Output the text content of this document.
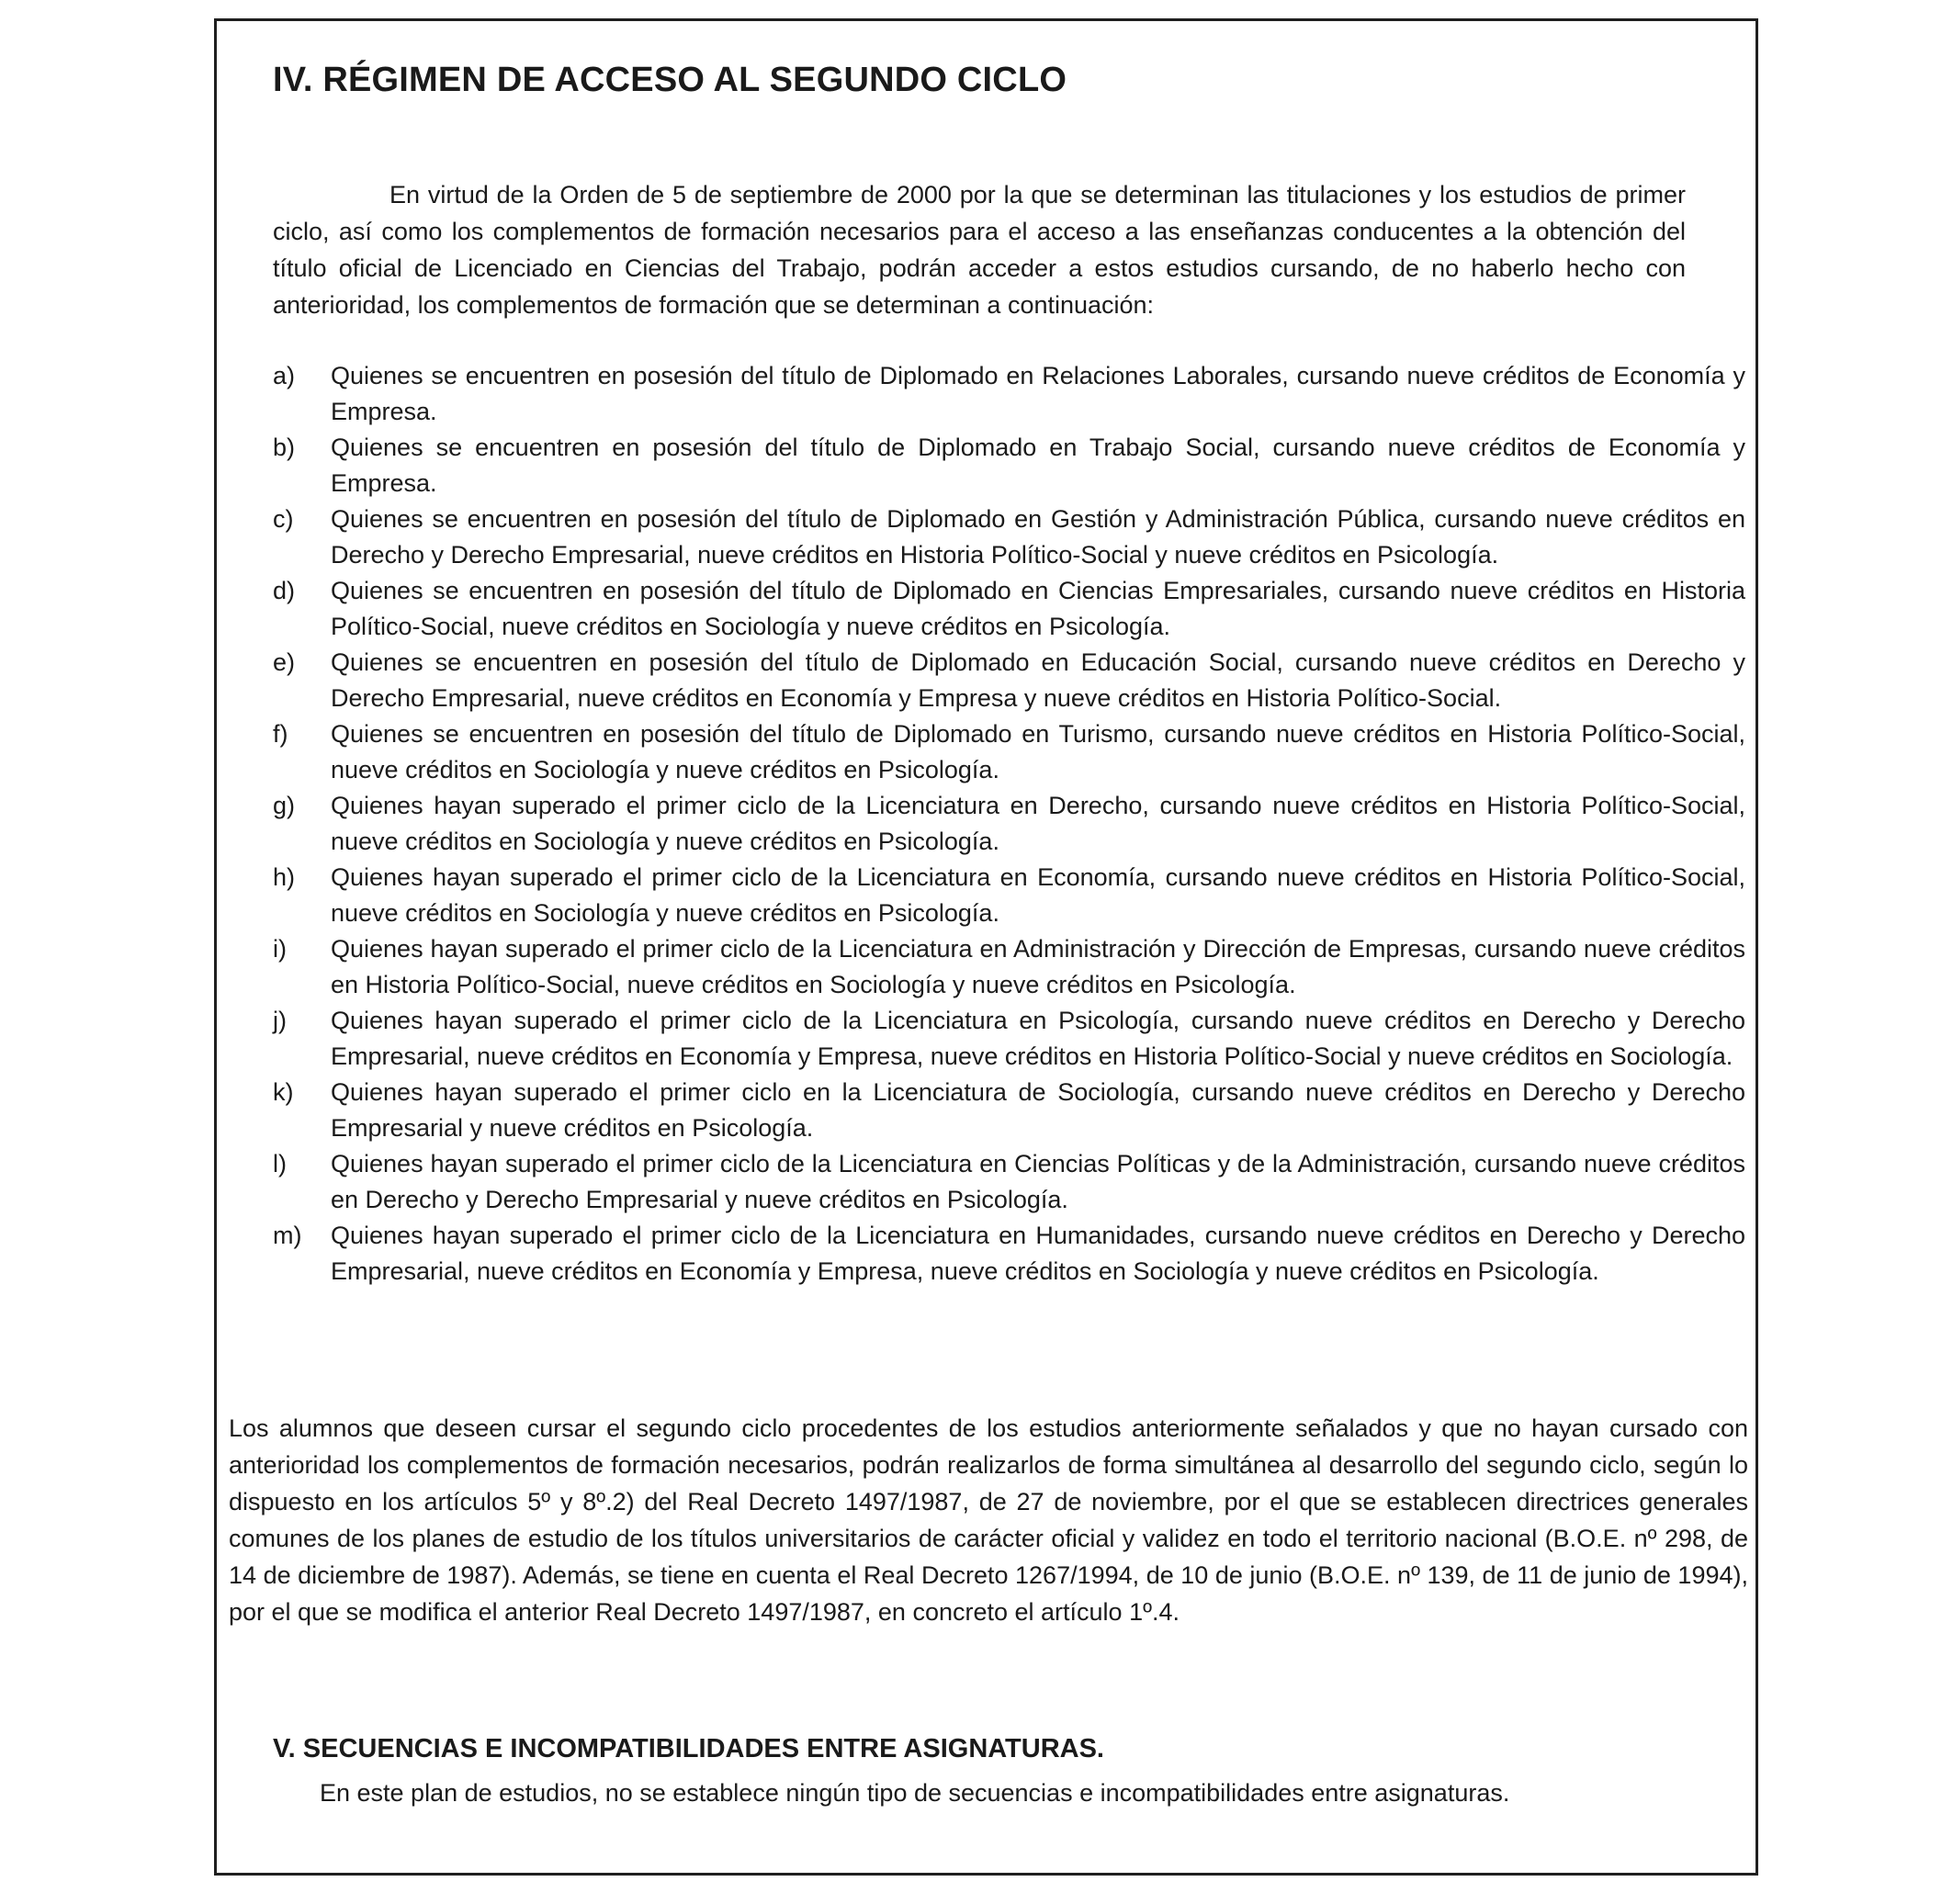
IV. RÉGIMEN DE ACCESO AL SEGUNDO CICLO

En virtud de la Orden de 5 de septiembre de 2000 por la que se determinan las titulaciones y los estudios de primer ciclo, así como los complementos de formación necesarios para el acceso a las enseñanzas conducentes a la obtención del título oficial de Licenciado en Ciencias del Trabajo, podrán acceder a estos estudios cursando, de no haberlo hecho con anterioridad, los complementos de formación que se determinan a continuación:

a)	Quienes se encuentren en posesión del título de Diplomado en Relaciones Laborales, cursando nueve créditos de Economía y Empresa.
b)	Quienes se encuentren en posesión del título de Diplomado en Trabajo Social, cursando nueve créditos de Economía y Empresa.
c)	Quienes se encuentren en posesión del título de Diplomado en Gestión y Administración Pública, cursando nueve créditos en Derecho y Derecho Empresarial, nueve créditos en Historia Político-Social y nueve créditos en Psicología.
d)	Quienes se encuentren en posesión del título de Diplomado en Ciencias Empresariales, cursando nueve créditos en Historia Político-Social, nueve créditos en Sociología y nueve créditos en Psicología.
e)	Quienes se encuentren en posesión del título de Diplomado en Educación Social, cursando nueve créditos en Derecho y Derecho Empresarial, nueve créditos en Economía y Empresa y nueve créditos en Historia Político-Social.
f)	Quienes se encuentren en posesión del título de Diplomado en Turismo, cursando nueve créditos en Historia Político-Social, nueve créditos en Sociología y nueve créditos en Psicología.
g)	Quienes hayan superado el primer ciclo de la Licenciatura en Derecho, cursando nueve créditos en Historia Político-Social, nueve créditos en Sociología y nueve créditos en Psicología.
h)	Quienes hayan superado el primer ciclo de la Licenciatura en Economía, cursando nueve créditos en Historia Político-Social, nueve créditos en Sociología y nueve créditos en Psicología.
i)	Quienes hayan superado el primer ciclo de la Licenciatura en Administración y Dirección de Empresas, cursando nueve créditos en Historia Político-Social, nueve créditos en Sociología y nueve créditos en Psicología.
j)	Quienes hayan superado el primer ciclo de la Licenciatura en Psicología, cursando nueve créditos en Derecho y Derecho Empresarial, nueve créditos en Economía y Empresa, nueve créditos en Historia Político-Social y nueve créditos en Sociología.
k)	Quienes hayan superado el primer ciclo en la Licenciatura de Sociología, cursando nueve créditos en Derecho y Derecho Empresarial y nueve créditos en Psicología.
l)	Quienes hayan superado el primer ciclo de la Licenciatura en Ciencias Políticas y de la Administración, cursando nueve créditos en Derecho y Derecho Empresarial y nueve créditos en Psicología.
m)	Quienes hayan superado el primer ciclo de la Licenciatura en Humanidades, cursando nueve créditos en Derecho y Derecho Empresarial, nueve créditos en Economía y Empresa, nueve créditos en Sociología y nueve créditos en Psicología.

Los alumnos que deseen cursar el segundo ciclo procedentes de los estudios anteriormente señalados y que no hayan cursado con anterioridad los complementos de formación necesarios, podrán realizarlos de forma simultánea al desarrollo del segundo ciclo, según lo dispuesto en los artículos 5º y 8º.2) del Real Decreto 1497/1987, de 27 de noviembre, por el que se establecen directrices generales comunes de los planes de estudio de los títulos universitarios de carácter oficial y validez en todo el territorio nacional (B.O.E. nº 298, de 14 de diciembre de 1987). Además, se tiene en cuenta el Real Decreto 1267/1994, de 10 de junio (B.O.E. nº 139, de 11 de junio de 1994), por el que se modifica el anterior Real Decreto 1497/1987, en concreto el artículo 1º.4.

V. SECUENCIAS E INCOMPATIBILIDADES ENTRE ASIGNATURAS.

En este plan de estudios, no se establece ningún tipo de secuencias e incompatibilidades entre asignaturas.
